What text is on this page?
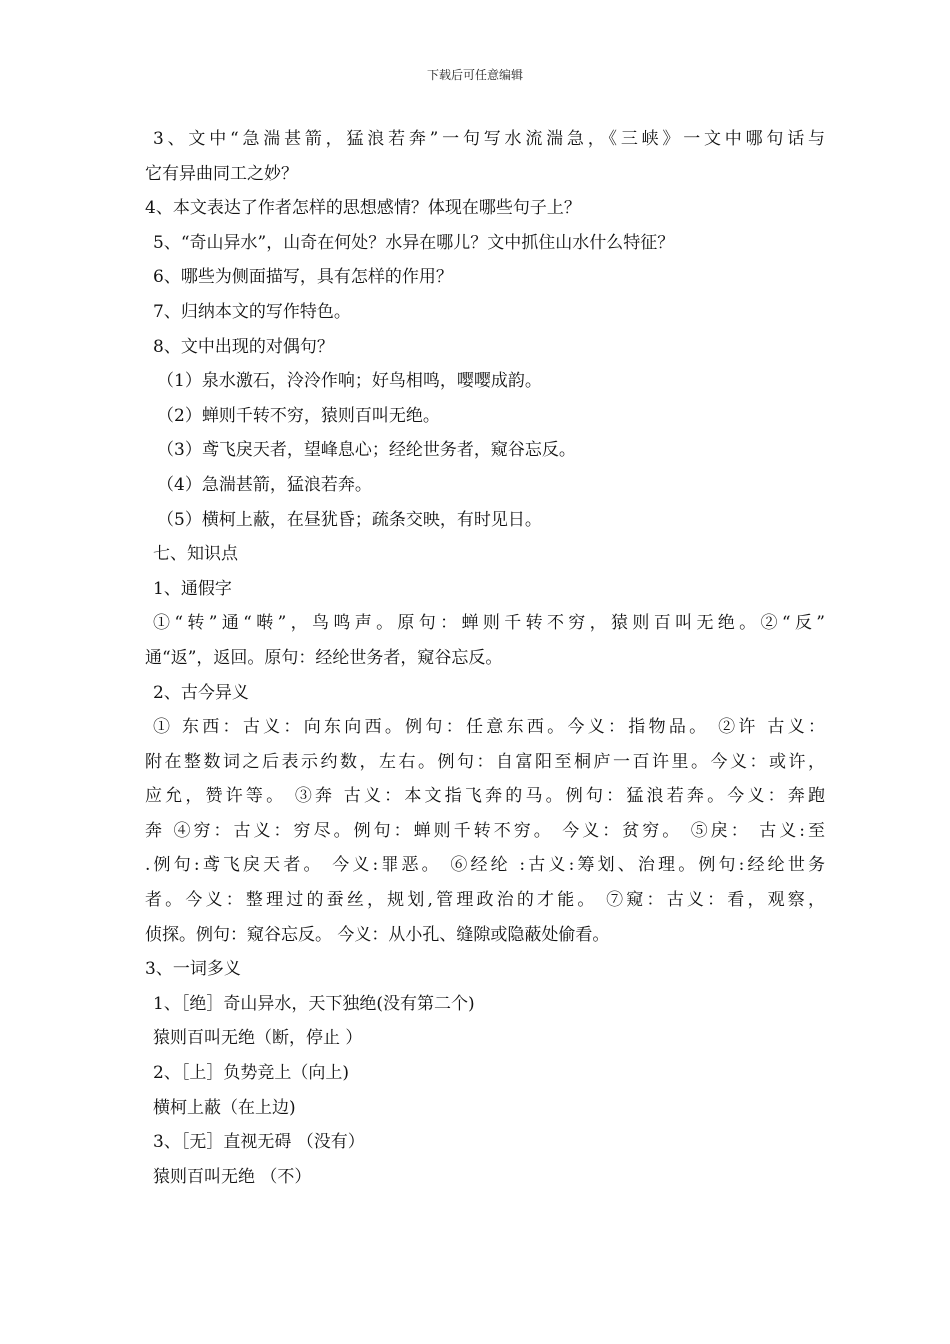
下载后可任意编辑
3、文中“急湍甚箭，猛浪若奔”一句写水流湍急，《三峡》一文中哪句话与
它有异曲同工之妙？
4、本文表达了作者怎样的思想感情？体现在哪些句子上？
5、“奇山异水”，山奇在何处？水异在哪儿？文中抓住山水什么特征？
6、哪些为侧面描写，具有怎样的作用？
7、归纳本文的写作特色。
8、文中出现的对偶句？
（1）泉水激石，泠泠作响；好鸟相鸣，嘤嘤成韵。
（2）蝉则千转不穷，猿则百叫无绝。
（3）鸢飞戾天者，望峰息心；经纶世务者，窥谷忘反。
（4）急湍甚箭，猛浪若奔。
（5）横柯上蔽，在昼犹昏；疏条交映，有时见日。
七、知识点
1、通假字
①“转”通“啭”，鸟鸣声。原句：蝉则千转不穷，猿则百叫无绝。②“反”
通“返”，返回。原句：经纶世务者，窥谷忘反。
2、古今异义
① 东西：古义：向东向西。例句：任意东西。今义：指物品。 ②许 古义：
附在整数词之后表示约数，左右。例句：自富阳至桐庐一百许里。今义：或许，
应允，赞许等。 ③奔 古义：本文指飞奔的马。例句：猛浪若奔。今义：奔跑
奔 ④穷：古义：穷尽。例句：蝉则千转不穷。 今义：贫穷。 ⑤戾： 古义:至
.例句:鸢飞戾天者。 今义:罪恶。 ⑥经纶 :古义:筹划、治理。例句:经纶世务
者。今义：整理过的蚕丝，规划,管理政治的才能。 ⑦窥：古义：看，观察，
侦探。例句：窥谷忘反。 今义：从小孔、缝隙或隐蔽处偷看。
3、一词多义
1、［绝］奇山异水，天下独绝(没有第二个)
猿则百叫无绝（断，停止 ）
2、［上］负势竞上（向上)
横柯上蔽（在上边)
3、［无］直视无碍 （没有）
猿则百叫无绝 （不）
